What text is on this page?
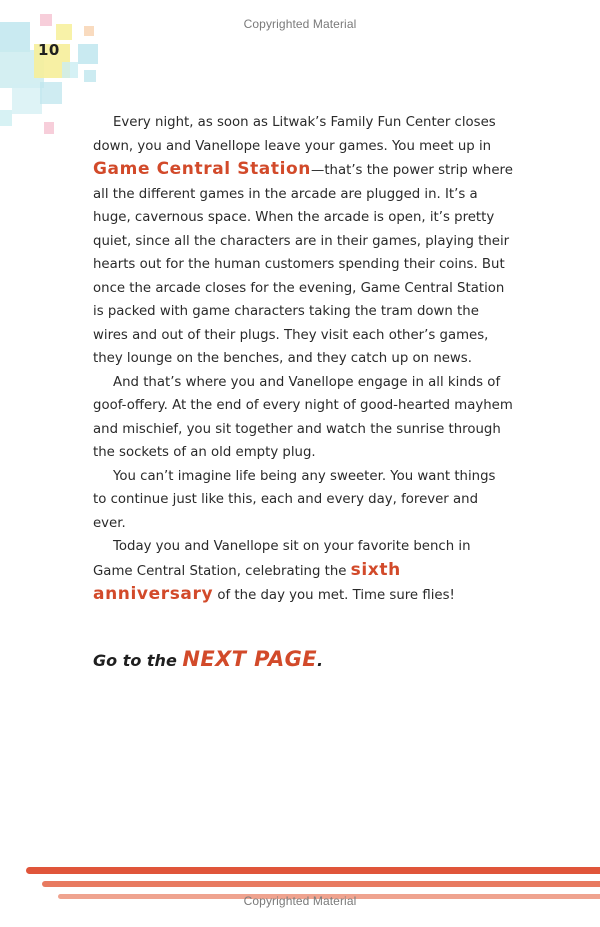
Copyrighted Material
10

Every night, as soon as Litwak’s Family Fun Center closes down, you and Vanellope leave your games. You meet up in Game Central Station—that’s the power strip where all the different games in the arcade are plugged in. It’s a huge, cavernous space. When the arcade is open, it’s pretty quiet, since all the characters are in their games, playing their hearts out for the human customers spending their coins. But once the arcade closes for the evening, Game Central Station is packed with game characters taking the tram down the wires and out of their plugs. They visit each other’s games, they lounge on the benches, and they catch up on news.

And that’s where you and Vanellope engage in all kinds of goof-offery. At the end of every night of good-hearted mayhem and mischief, you sit together and watch the sunrise through the sockets of an old empty plug.

You can’t imagine life being any sweeter. You want things to continue just like this, each and every day, forever and ever.

Today you and Vanellope sit on your favorite bench in Game Central Station, celebrating the sixth anniversary of the day you met. Time sure flies!

Go to the NEXT PAGE.
Copyrighted Material
